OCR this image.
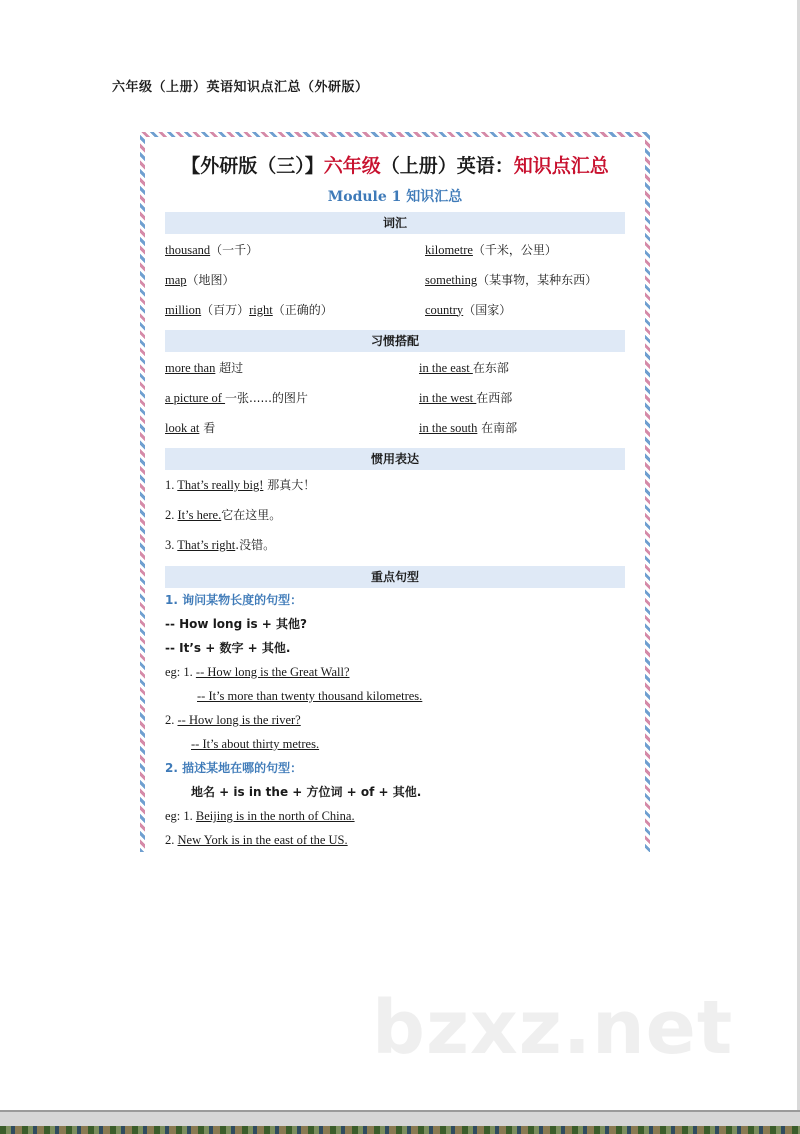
六年级（上册）英语知识点汇总（外研版）
【外研版（三）】六年级（上册）英语：知识点汇总
Module 1 知识汇总
词汇
thousand（一千）	kilometre（千米，公里）
map（地图）	something（某事物，某种东西）
million（百万）right（正确的）	country（国家）
习惯搭配
more than 超过	in the east 在东部
a picture of 一张......的图片	in the west 在西部
look at 看	in the south 在南部
惯用表达
1. That’s really big! 那真大！
2. It’s here.它在这里。
3. That’s right.没错。
重点句型
1. 询问某物长度的句型：
-- How long is + 其他?
-- It’s + 数字 + 其他.
eg: 1. -- How long is the Great Wall?
-- It’s more than twenty thousand kilometres.
2. -- How long is the river?
-- It’s about thirty metres.
2. 描述某地在哪的句型：
地名 + is in the + 方位词 + of + 其他.
eg: 1. Beijing is in the north of China.
2. New York is in the east of the US.
bzxz.net
